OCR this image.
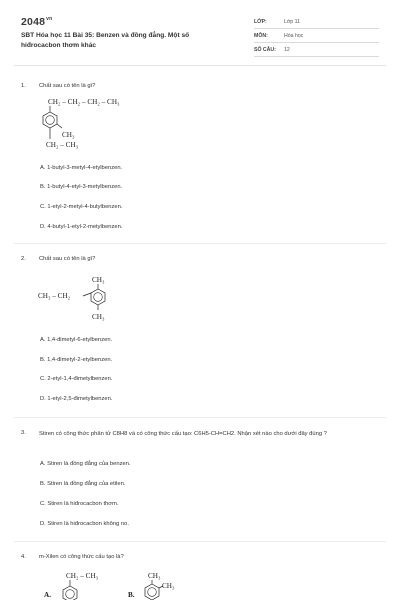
$2048^{vn}$
SBT Hóa học 11 Bài 35: Benzen và đồng đẳng. Một số hiđrocacbon thơm khác
LỚP:	Lớp 11
MÔN:	Hóa học
SỐ CÂU: 12
1. Chất sau có tên là gì?
CH₂ – CH₂ – CH₂ – CH₃
CH₃
CH₂ – CH₃
A. 1-butyl-3-metyl-4-etylbenzen.
B. 1-butyl-4-etyl-3-metylbenzen.
C. 1-etyl-2-metyl-4-butylbenzen.
D. 4-butyl-1-etyl-2-metylbenzen.
2. Chất sau có tên là gì?
CH₃
CH₃ – CH₂
CH₃
A. 1,4-đimetyl-6-etylbenzen.
B. 1,4-đimetyl-2-etylbenzen.
C. 2-etyl-1,4-đimetylbenzen.
D. 1-etyl-2,5-đimetylbenzen.
3. Stiren có công thức phân tử C8H8 và có công thức cấu tạo: C6H5-CH=CH2. Nhận xét nào cho dưới đây đúng ?
A. Stiren là đồng đẳng của benzen.
B. Stiren là đồng đẳng của etilen.
C. Stiren là hiđrocacbon thơm.
D. Stiren là hiđrocacbon không no.
4. m-Xilen có công thức cấu tạo là?
CH₂ – CH₃
A.
CH₃
B.
CH₃
